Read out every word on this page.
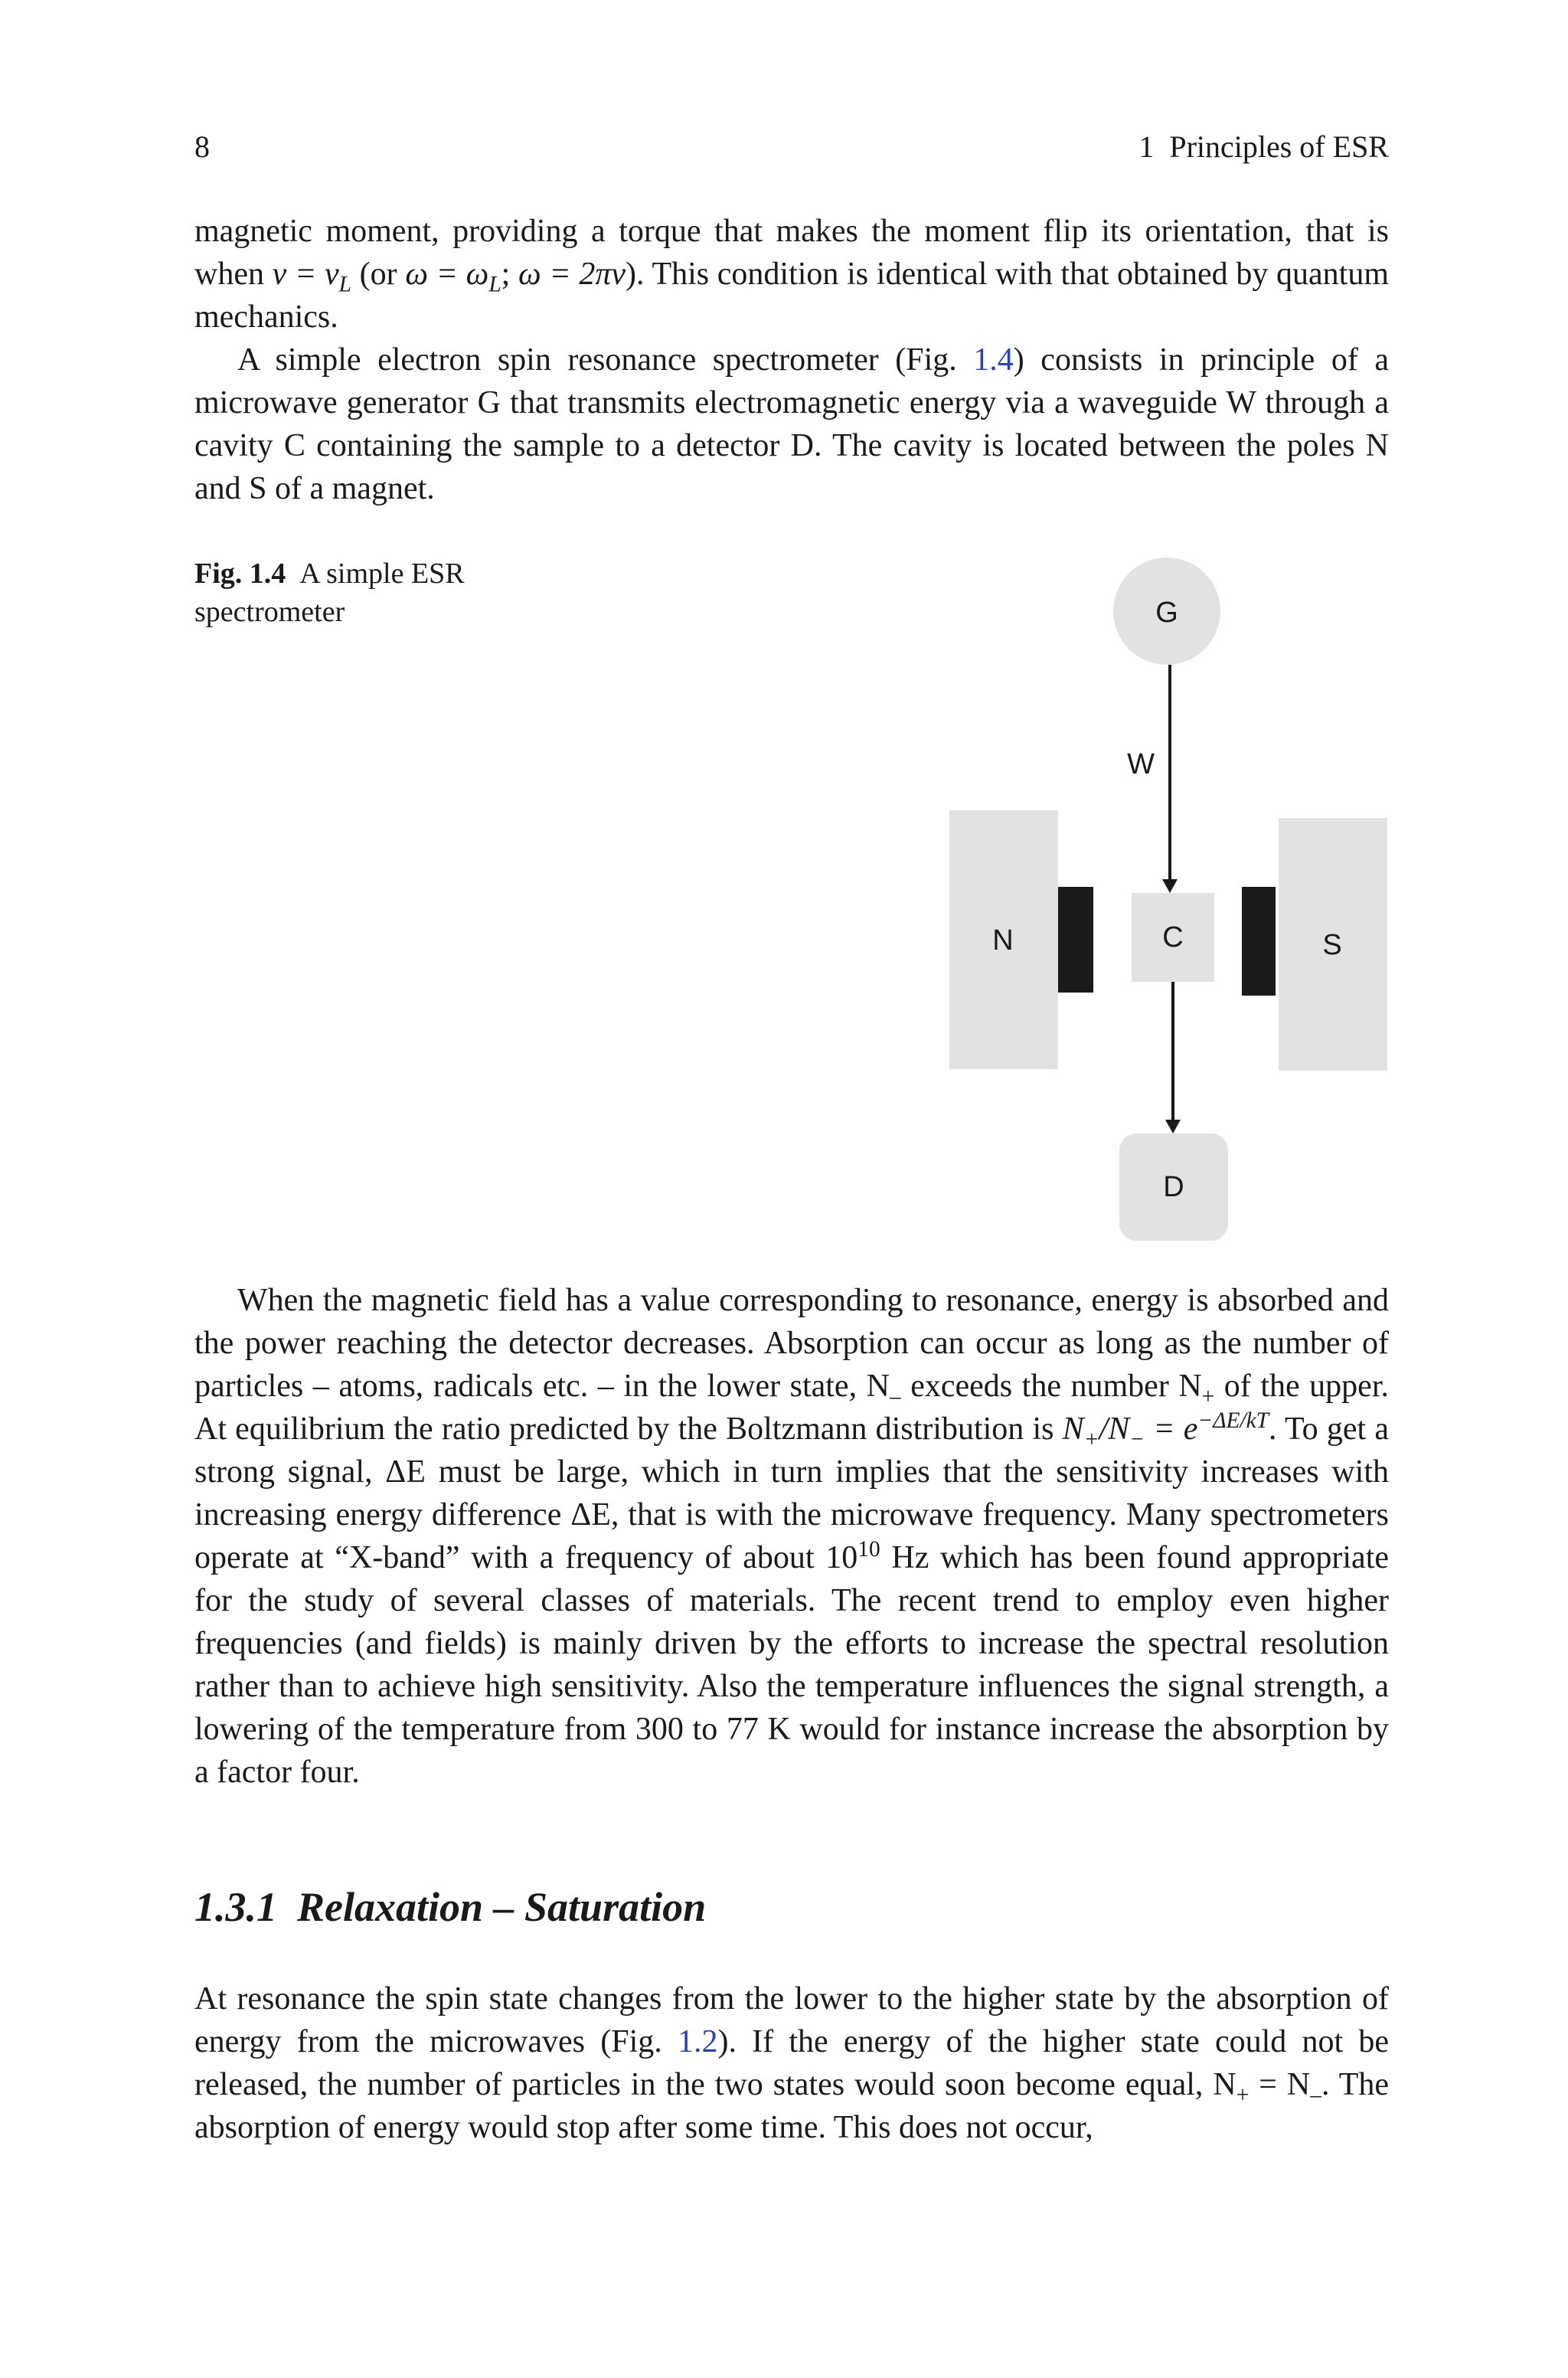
8	1 Principles of ESR

magnetic moment, providing a torque that makes the moment flip its orientation, that is when $\nu = \nu_L$ (or $\omega = \omega_L$; ω = 2πν). This condition is identical with that obtained by quantum mechanics.

A simple electron spin resonance spectrometer (Fig. 1.4) consists in principle of a microwave generator G that transmits electromagnetic energy via a waveguide W through a cavity C containing the sample to a detector D. The cavity is located between the poles N and S of a magnet.

Fig. 1.4 A simple ESR spectrometer	G
W
N	C	S
D

When the magnetic field has a value corresponding to resonance, energy is absorbed and the power reaching the detector decreases. Absorption can occur as long as the number of particles – atoms, radicals etc. – in the lower state, $N_-$ exceeds the number $N_+$ of the upper. At equilibrium the ratio predicted by the Boltzmann distribution is $N_+/N_- = e^{-\Delta E/kT}$. To get a strong signal, ΔE must be large, which in turn implies that the sensitivity increases with increasing energy difference ΔE, that is with the microwave frequency. Many spectrometers operate at “X-band” with a frequency of about $10^{10}$ Hz which has been found appropriate for the study of several classes of materials. The recent trend to employ even higher frequencies (and fields) is mainly driven by the efforts to increase the spectral resolution rather than to achieve high sensitivity. Also the temperature influences the signal strength, a lowering of the temperature from 300 to 77 K would for instance increase the absorption by a factor four.

1.3.1 Relaxation – Saturation

At resonance the spin state changes from the lower to the higher state by the absorption of energy from the microwaves (Fig. 1.2). If the energy of the higher state could not be released, the number of particles in the two states would soon become equal, $N_+ = N_-$. The absorption of energy would stop after some time. This does not occur,
